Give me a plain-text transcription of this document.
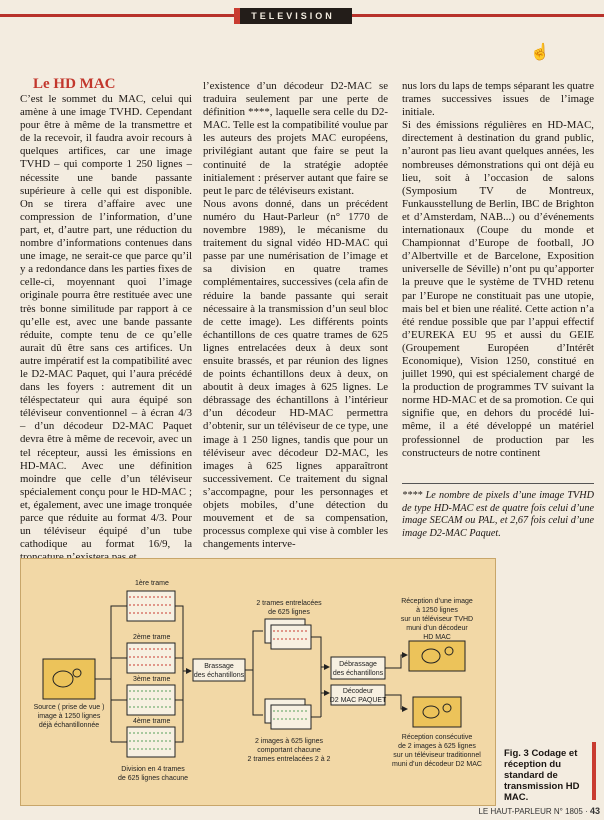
TELEVISION
☝
Le HD MAC

C’est le sommet du MAC, celui qui amène à une image TVHD. Cependant pour être à même de la transmettre et de la recevoir, il faudra avoir recours à quelques artifices, car une image TVHD – qui comporte 1 250 lignes – nécessite une bande passante supérieure à celle qui est disponible. On se tirera d’affaire avec une compression de l’information, d’une part, et, d’autre part, une réduction du nombre d’informations contenues dans une image, ne serait-ce que parce qu’il y a redondance dans les parties fixes de celle-ci, moyennant quoi l’image originale pourra être restituée avec une très bonne similitude par rapport à ce qu’elle est, avec une bande passante réduite, compte tenu de ce qu’elle aurait dû être sans ces artifices. Un autre impératif est la compatibilité avec le D2-MAC Paquet, qui l’aura précédé dans les foyers : autrement dit un téléspectateur qui aura équipé son téléviseur conventionnel – à écran 4/3 – d’un décodeur D2-MAC Paquet devra être à même de recevoir, avec un tel récepteur, aussi les émissions en HD-MAC. Avec une définition moindre que celle d’un téléviseur spécialement conçu pour le HD-MAC ; et, également, avec une image tronquée parce que réduite au format 4/3. Pour un téléviseur équipé d’un tube cathodique au format 16/9, la

l’existence d’un décodeur D2-MAC se traduira seulement par une perte de définition ****, laquelle sera celle du D2-MAC. Telle est la compatibilité voulue par les auteurs des projets MAC européens, privilégiant autant que faire se peut la continuité de la stratégie adoptée initialement : préserver autant que faire se peut le parc de téléviseurs existant.

Nous avons donné, dans un précédent numéro du Haut-Parleur (n° 1770 de novembre 1989), le mécanisme du traitement du signal vidéo HD-MAC qui passe par une numérisation de l’image et sa division en quatre trames complémentaires, successives (cela afin de réduire la bande passante qui serait nécessaire à la transmission d’un seul bloc de cette image). Les différents points échantillons de ces quatre trames de 625 lignes entrelacées deux à deux sont ensuite brassés, et par réunion des lignes de points échantillons deux à deux, on aboutit à deux images à 625 lignes. Le débrassage des échantillons à l’intérieur d’un décodeur HD-MAC permettra d’obtenir, sur un téléviseur de ce type, une image à 1 250 lignes, tandis que pour un téléviseur avec décodeur D2-MAC, les images à 625 lignes apparaîtront successivement. Ce traitement du signal s’accompagne, pour les personnages et objets mobiles, d’une détection du mouvement et de sa compensation, processus complexe qui vise à combler les changements interve-

nus lors du laps de temps séparant les quatre trames successives issues de l’image initiale.

Si des émissions régulières en HD-MAC, directement à destination du grand public, n’auront pas lieu avant quelques années, les nombreuses démonstrations qui ont déjà eu lieu, soit à l’occasion de salons (Symposium TV de Montreux, Funkausstellung de Berlin, IBC de Brighton et d’Amsterdam, NAB...) ou d’événements internationaux (Coupe du monde et Championnat d’Europe de football, JO d’Albertville et de Barcelone, Exposition universelle de Séville) n’ont pu qu’apporter la preuve que le système de TVHD retenu par l’Europe ne constituait pas une utopie, mais bel et bien une réalité. Cette action n’a été rendue possible que par l’appui effectif d’EUREKA EU 95 et aussi du GEIE (Groupement Européen d’Intérêt Economique), Vision 1250, constitué en juillet 1990, qui est spécialement chargé de la production de programmes TV suivant la norme HD-MAC et de sa promotion. Ce qui signifie que, en dehors du procédé lui-même, il a été développé un matériel professionnel de production par les constructeurs de notre continent

**** Le nombre de pixels d’une image TVHD de type HD-MAC est de quatre fois celui d’une image SECAM ou PAL, et 2,67 fois celui d’une image D2-MAC Paquet.
Source ( prise de vue )
image à 1250 lignes
déjà échantillonnée
1ère trame
2ème trame
3ème trame
4ème trame
Division en 4 trames
de 625 lignes chacune
Brassage
des échantillons
2 trames entrelacées
de 625 lignes
2 images à 625 lignes
comportant chacune
2 trames entrelacées 2 à 2
Débrassage
des échantillons
Décodeur
D2 MAC PAQUET
Réception d’une image
à 1250 lignes
sur un téléviseur TVHD
muni d’un décodeur
HD MAC
Réception consécutive
de 2 images à 625 lignes
sur un téléviseur traditionnel
muni d’un décodeur D2 MAC
Fig. 3 Codage et réception du standard de transmission HD MAC.
LE HAUT-PARLEUR N° 1805 · 43
